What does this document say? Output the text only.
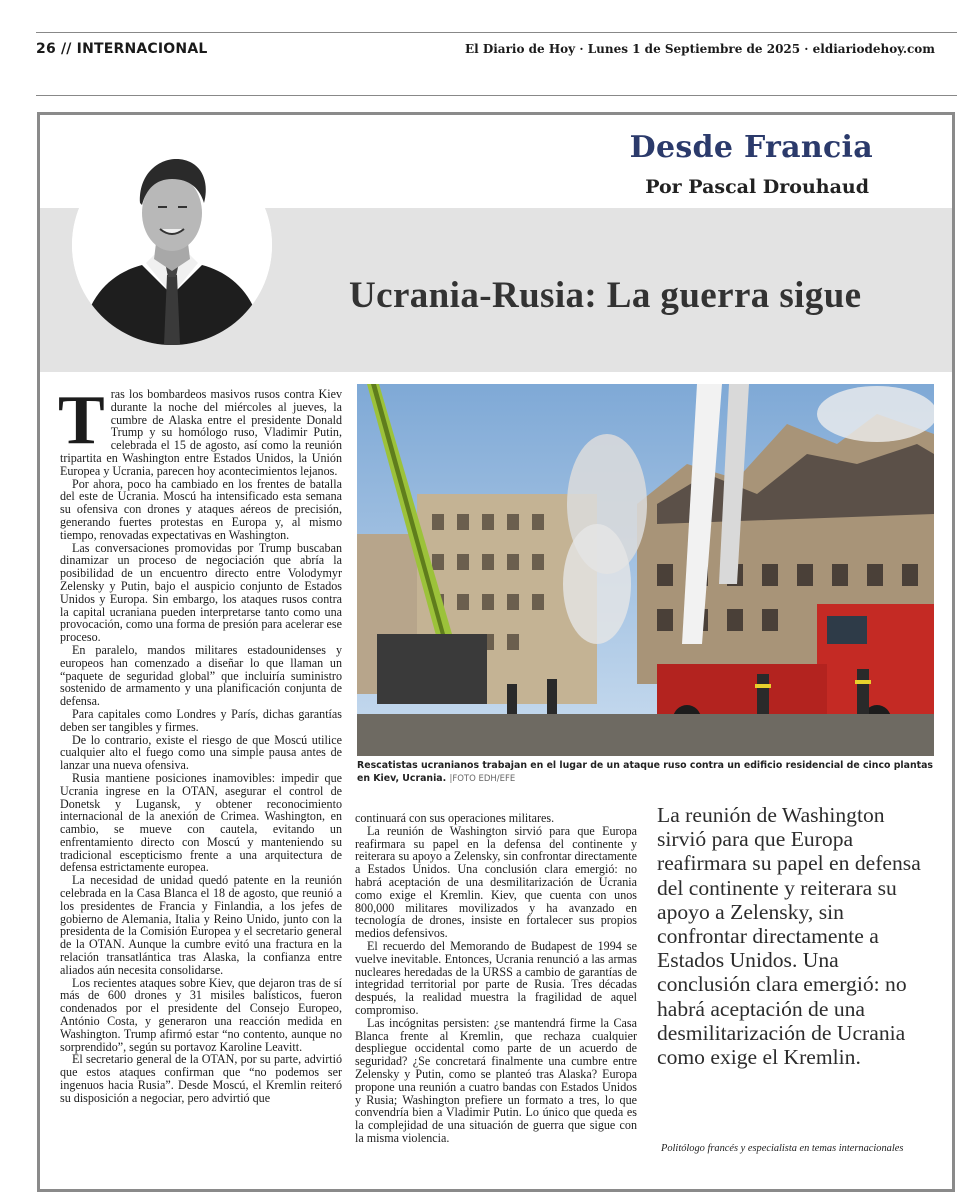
26 // INTERNACIONAL	El Diario de Hoy · Lunes 1 de Septiembre de 2025 · eldiariodehoy.com
Desde Francia
Por Pascal Drouhaud
Ucrania-Rusia: La guerra sigue

Tras los bombardeos masivos rusos contra Kiev durante la noche del miércoles al jueves, la cumbre de Alaska entre el presidente Donald Trump y su homólogo ruso, Vladimir Putin, celebrada el 15 de agosto, así como la reunión tripartita en Washington entre Estados Unidos, la Unión Europea y Ucrania, parecen hoy acontecimientos lejanos.

Por ahora, poco ha cambiado en los frentes de batalla del este de Ucrania. Moscú ha intensificado esta semana su ofensiva con drones y ataques aéreos de precisión, generando fuertes protestas en Europa y, al mismo tiempo, renovadas expectativas en Washington.

Las conversaciones promovidas por Trump buscaban dinamizar un proceso de negociación que abría la posibilidad de un encuentro directo entre Volodymyr Zelensky y Putin, bajo el auspicio conjunto de Estados Unidos y Europa. Sin embargo, los ataques rusos contra la capital ucraniana pueden interpretarse tanto como una provocación, como una forma de presión para acelerar ese proceso.

En paralelo, mandos militares estadounidenses y europeos han comenzado a diseñar lo que llaman un “paquete de seguridad global” que incluiría suministro sostenido de armamento y una planificación conjunta de defensa.

Para capitales como Londres y París, dichas garantías deben ser tangibles y firmes.

De lo contrario, existe el riesgo de que Moscú utilice cualquier alto el fuego como una simple pausa antes de lanzar una nueva ofensiva.

Rusia mantiene posiciones inamovibles: impedir que Ucrania ingrese en la OTAN, asegurar el control de Donetsk y Lugansk, y obtener reconocimiento internacional de la anexión de Crimea. Washington, en cambio, se mueve con cautela, evitando un enfrentamiento directo con Moscú y manteniendo su tradicional escepticismo frente a una arquitectura de defensa estrictamente europea.

La necesidad de unidad quedó patente en la reunión celebrada en la Casa Blanca el 18 de agosto, que reunió a los presidentes de Francia y Finlandia, a los jefes de gobierno de Alemania, Italia y Reino Unido, junto con la presidenta de la Comisión Europea y el secretario general de la OTAN. Aunque la cumbre evitó una fractura en la relación transatlántica tras Alaska, la confianza entre aliados aún necesita consolidarse.

Los recientes ataques sobre Kiev, que dejaron tras de sí más de 600 drones y 31 misiles balísticos, fueron condenados por el presidente del Consejo Europeo, António Costa, y generaron una reacción medida en Washington. Trump afirmó estar “no contento, aunque no sorprendido”, según su portavoz Karoline Leavitt.

El secretario general de la OTAN, por su parte, advirtió que estos ataques confirman que “no podemos ser ingenuos hacia Rusia”. Desde Moscú, el Kremlin reiteró su disposición a negociar, pero advirtió que

Rescatistas ucranianos trabajan en el lugar de un ataque ruso contra un edificio residencial de cinco plantas en Kiev, Ucrania. |FOTO EDH/EFE

continuará con sus operaciones militares.

La reunión de Washington sirvió para que Europa reafirmara su papel en la defensa del continente y reiterara su apoyo a Zelensky, sin confrontar directamente a Estados Unidos. Una conclusión clara emergió: no habrá aceptación de una desmilitarización de Ucrania como exige el Kremlin. Kiev, que cuenta con unos 800,000 militares movilizados y ha avanzado en tecnología de drones, insiste en fortalecer sus propios medios defensivos.

El recuerdo del Memorando de Budapest de 1994 se vuelve inevitable. Entonces, Ucrania renunció a las armas nucleares heredadas de la URSS a cambio de garantías de integridad territorial por parte de Rusia. Tres décadas después, la realidad muestra la fragilidad de aquel compromiso.

Las incógnitas persisten: ¿se mantendrá firme la Casa Blanca frente al Kremlin, que rechaza cualquier despliegue occidental como parte de un acuerdo de seguridad? ¿Se concretará finalmente una cumbre entre Zelensky y Putin, como se planteó tras Alaska? Europa propone una reunión a cuatro bandas con Estados Unidos y Rusia; Washington prefiere un formato a tres, lo que convendría bien a Vladimir Putin. Lo único que queda es la complejidad de una situación de guerra que sigue con la misma violencia.

La reunión de Washington sirvió para que Europa reafirmara su papel en defensa del continente y reiterara su apoyo a Zelensky, sin confrontar directamente a Estados Unidos. Una conclusión clara emergió: no habrá aceptación de una desmilitarización de Ucrania como exige el Kremlin.
Politólogo francés y especialista en temas internacionales
